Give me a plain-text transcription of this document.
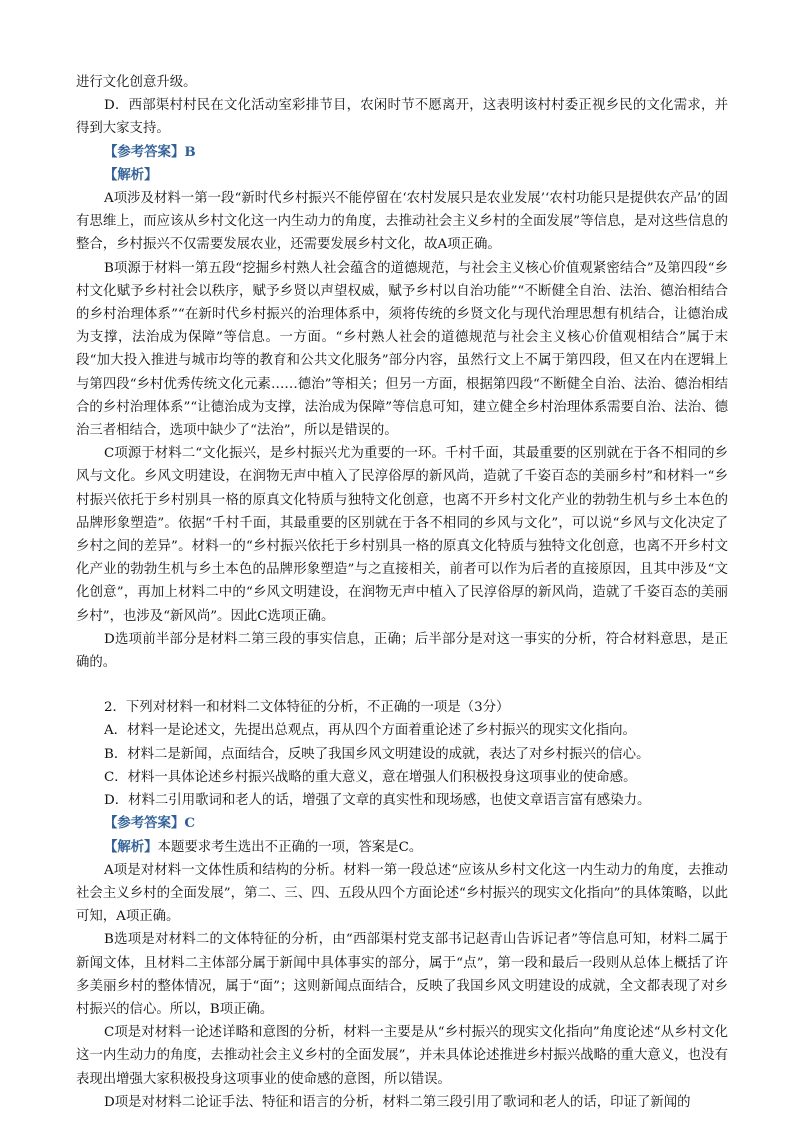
进行文化创意升级。

D．西部渠村村民在文化活动室彩排节目，农闲时节不愿离开，这表明该村村委正视乡民的文化需求，并得到大家支持。

【参考答案】B
【解析】

A项涉及材料一第一段“新时代乡村振兴不能停留在‘农村发展只是农业发展’‘农村功能只是提供农产品’的固有思维上，而应该从乡村文化这一内生动力的角度，去推动社会主义乡村的全面发展”等信息，是对这些信息的整合，乡村振兴不仅需要发展农业，还需要发展乡村文化，故A项正确。

B项源于材料一第五段“挖掘乡村熟人社会蕴含的道德规范，与社会主义核心价值观紧密结合”及第四段“乡村文化赋予乡村社会以秩序，赋予乡贤以声望权威，赋予乡村以自治功能”“不断健全自治、法治、德治相结合的乡村治理体系”“在新时代乡村振兴的治理体系中，须将传统的乡贤文化与现代治理思想有机结合，让德治成为支撑，法治成为保障”等信息。一方面。“乡村熟人社会的道德规范与社会主义核心价值观相结合”属于末段“加大投入推进与城市均等的教育和公共文化服务”部分内容，虽然行文上不属于第四段，但又在内在逻辑上与第四段“乡村优秀传统文化元素……德治”等相关；但另一方面，根据第四段“不断健全自治、法治、德治相结合的乡村治理体系”“让德治成为支撑，法治成为保障”等信息可知，建立健全乡村治理体系需要自治、法治、德治三者相结合，选项中缺少了“法治”，所以是错误的。

C项源于材料二“文化振兴，是乡村振兴尤为重要的一环。千村千面，其最重要的区别就在于各不相同的乡风与文化。乡风文明建设，在润物无声中植入了民淳俗厚的新风尚，造就了千姿百态的美丽乡村”和材料一“乡村振兴依托于乡村别具一格的原真文化特质与独特文化创意，也离不开乡村文化产业的勃勃生机与乡土本色的品牌形象塑造”。依据“千村千面，其最重要的区别就在于各不相同的乡风与文化”，可以说“乡风与文化决定了乡村之间的差异”。材料一的“乡村振兴依托于乡村别具一格的原真文化特质与独特文化创意，也离不开乡村文化产业的勃勃生机与乡土本色的品牌形象塑造”与之直接相关，前者可以作为后者的直接原因，且其中涉及“文化创意”，再加上材料二中的“乡风文明建设，在润物无声中植入了民淳俗厚的新风尚，造就了千姿百态的美丽乡村”，也涉及“新风尚”。因此C选项正确。

D选项前半部分是材料二第三段的事实信息，正确；后半部分是对这一事实的分析，符合材料意思，是正确的。

2．下列对材料一和材料二文体特征的分析，不正确的一项是（3分）

A．材料一是论述文，先提出总观点，再从四个方面着重论述了乡村振兴的现实文化指向。

B．材料二是新闻，点面结合，反映了我国乡风文明建设的成就，表达了对乡村振兴的信心。

C．材料一具体论述乡村振兴战略的重大意义，意在增强人们积极投身这项事业的使命感。

D．材料二引用歌词和老人的话，增强了文章的真实性和现场感，也使文章语言富有感染力。

【参考答案】C

【解析】本题要求考生选出不正确的一项，答案是C。

A项是对材料一文体性质和结构的分析。材料一第一段总述“应该从乡村文化这一内生动力的角度，去推动社会主义乡村的全面发展”，第二、三、四、五段从四个方面论述“乡村振兴的现实文化指向”的具体策略，以此可知，A项正确。

B选项是对材料二的文体特征的分析，由“西部渠村党支部书记赵青山告诉记者”等信息可知，材料二属于新闻文体，且材料二主体部分属于新闻中具体事实的部分，属于“点”，第一段和最后一段则从总体上概括了许多美丽乡村的整体情况，属于“面”；这则新闻点面结合，反映了我国乡风文明建设的成就，全文都表现了对乡村振兴的信心。所以，B项正确。

C项是对材料一论述详略和意图的分析，材料一主要是从“乡村振兴的现实文化指向”角度论述“从乡村文化这一内生动力的角度，去推动社会主义乡村的全面发展”，并未具体论述推进乡村振兴战略的重大意义，也没有表现出增强大家积极投身这项事业的使命感的意图，所以错误。

D项是对材料二论证手法、特征和语言的分析，材料二第三段引用了歌词和老人的话，印证了新闻的
